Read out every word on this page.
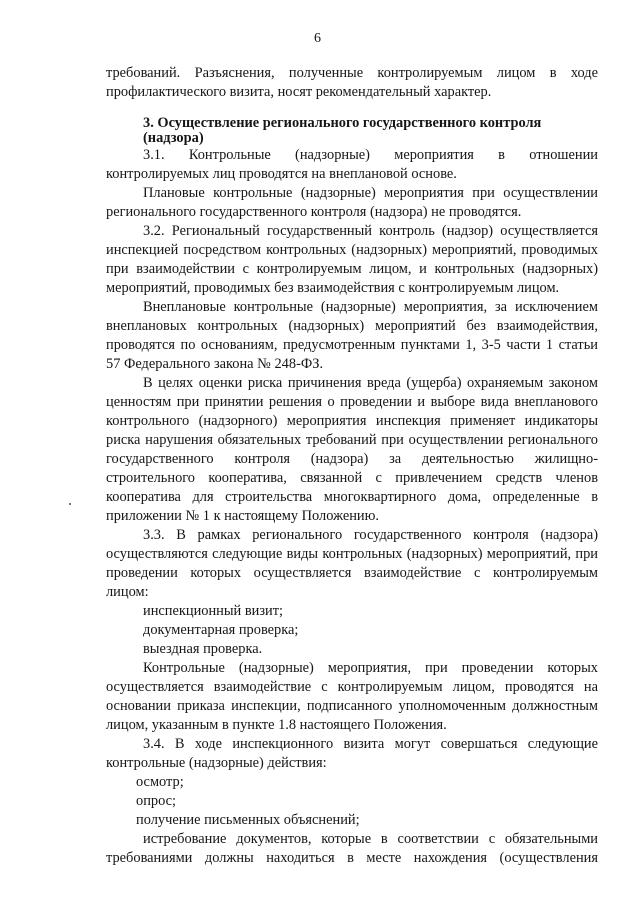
6

требований. Разъяснения, полученные контролируемым лицом в ходе профилактического визита, носят рекомендательный характер.

3. Осуществление регионального государственного контроля (надзора)

3.1. Контрольные (надзорные) мероприятия в отношении контролируемых лиц проводятся на внеплановой основе.

Плановые контрольные (надзорные) мероприятия при осуществлении регионального государственного контроля (надзора) не проводятся.

3.2. Региональный государственный контроль (надзор) осуществляется инспекцией посредством контрольных (надзорных) мероприятий, проводимых при взаимодействии с контролируемым лицом, и контрольных (надзорных) мероприятий, проводимых без взаимодействия с контролируемым лицом.

Внеплановые контрольные (надзорные) мероприятия, за исключением внеплановых контрольных (надзорных) мероприятий без взаимодействия, проводятся по основаниям, предусмотренным пунктами 1, 3-5 части 1 статьи 57 Федерального закона № 248-ФЗ.

В целях оценки риска причинения вреда (ущерба) охраняемым законом ценностям при принятии решения о проведении и выборе вида внепланового контрольного (надзорного) мероприятия инспекция применяет индикаторы риска нарушения обязательных требований при осуществлении регионального государственного контроля (надзора) за деятельностью жилищно-строительного кооператива, связанной с привлечением средств членов кооператива для строительства многоквартирного дома, определенные в приложении № 1 к настоящему Положению.

3.3. В рамках регионального государственного контроля (надзора) осуществляются следующие виды контрольных (надзорных) мероприятий, при проведении которых осуществляется взаимодействие с контролируемым лицом:

инспекционный визит;

документарная проверка;

выездная проверка.

Контрольные (надзорные) мероприятия, при проведении которых осуществляется взаимодействие с контролируемым лицом, проводятся на основании приказа инспекции, подписанного уполномоченным должностным лицом, указанным в пункте 1.8 настоящего Положения.

3.4. В ходе инспекционного визита могут совершаться следующие контрольные (надзорные) действия:

осмотр;

опрос;

получение письменных объяснений;

истребование документов, которые в соответствии с обязательными требованиями должны находиться в месте нахождения (осуществления
